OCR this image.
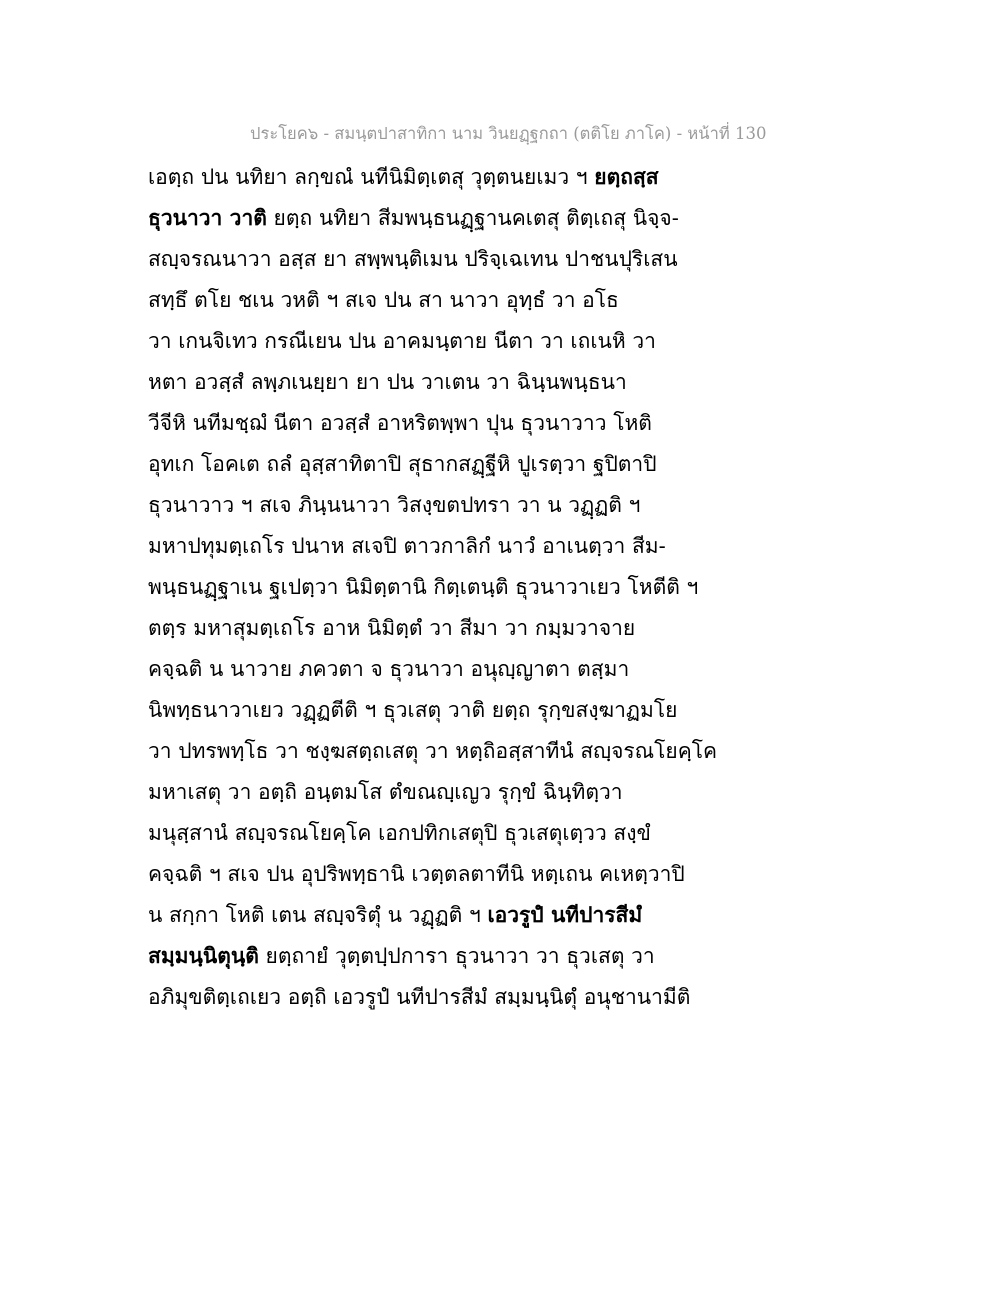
ประโยค๖ - สมนฺตปาสาทิกา นาม วินยฏฺฐกถา (ตติโย ภาโค) - หน้าที่ 130
เอตฺถ ปน นทิยา ลกฺขณํ นทีนิมิตฺเตสุ วุตฺตนยเมว ฯ ยตฺถสฺส
ธุวนาวา วาติ ยตฺถ นทิยา สีมพนฺธนฏฺฐานคเตสุ ติตฺเถสุ นิจฺจ-
สญฺจรณนาวา อสฺส ยา สพฺพนฺติเมน ปริจฺเฉเทน ปาชนปุริเสน
สทฺธึ ตโย ชเน วหติ ฯ สเจ ปน สา นาวา อุทฺธํ วา อโธ
วา เกนจิเทว กรณีเยน ปน อาคมนฺตาย นีตา วา เถเนหิ วา
หตา อวสฺสํ ลพฺภเนยฺยา ยา ปน วาเตน วา ฉินฺนพนฺธนา
วีจีหิ นทีมชฺฌํ นีตา อวสฺสํ อาหริตพฺพา ปุน ธุวนาวาว โหติ
อุทเก โอคเต ถลํ อุสฺสาทิตาปิ สุธากสฏฺฐีหิ ปูเรตฺวา ฐปิตาปิ
ธุวนาวาว ฯ สเจ ภินฺนนาวา วิสงฺขตปทรา วา น วฏฺฏติ ฯ
มหาปทุมตฺเถโร ปนาห สเจปิ ตาวกาลิกํ นาวํ อาเนตฺวา สีม-
พนฺธนฏฺฐาเน ฐเปตฺวา นิมิตฺตานิ กิตฺเตนฺติ ธุวนาวาเยว โหตีติ ฯ
ตตฺร มหาสุมตฺเถโร อาห นิมิตฺตํ วา สีมา วา กมฺมวาจาย
คจฺฉติ น นาวาย ภควตา จ ธุวนาวา อนุญฺญาตา ตสฺมา
นิพทฺธนาวาเยว วฏฺฏตีติ ฯ ธุวเสตุ วาติ ยตฺถ รุกฺขสงฺฆาฏมโย
วา ปทรพทฺโธ วา ชงฺฆสตฺถเสตุ วา หตฺถิอสฺสาทีนํ สญฺจรณโยคฺโค
มหาเสตุ วา อตฺถิ อนฺตมโส ตํขณญฺเญว รุกฺขํ ฉินฺทิตฺวา
มนุสฺสานํ สญฺจรณโยคฺโค เอกปทิกเสตุปิ ธุวเสตุเตฺวว สงฺขํ
คจฺฉติ ฯ สเจ ปน อุปริพทฺธานิ เวตฺตลตาทีนิ หตฺเถน คเหตฺวาปิ
น สกฺกา โหติ เตน สญฺจริตุํ น วฏฺฏติ ฯ เอวรูปํ นทีปารสีมํ
สมฺมนฺนิตุนฺติ ยตฺถายํ วุตฺตปฺปการา ธุวนาวา วา ธุวเสตุ วา
อภิมุขติตฺเถเยว อตฺถิ เอวรูปํ นทีปารสีมํ สมฺมนฺนิตุํ อนุชานามีติ
